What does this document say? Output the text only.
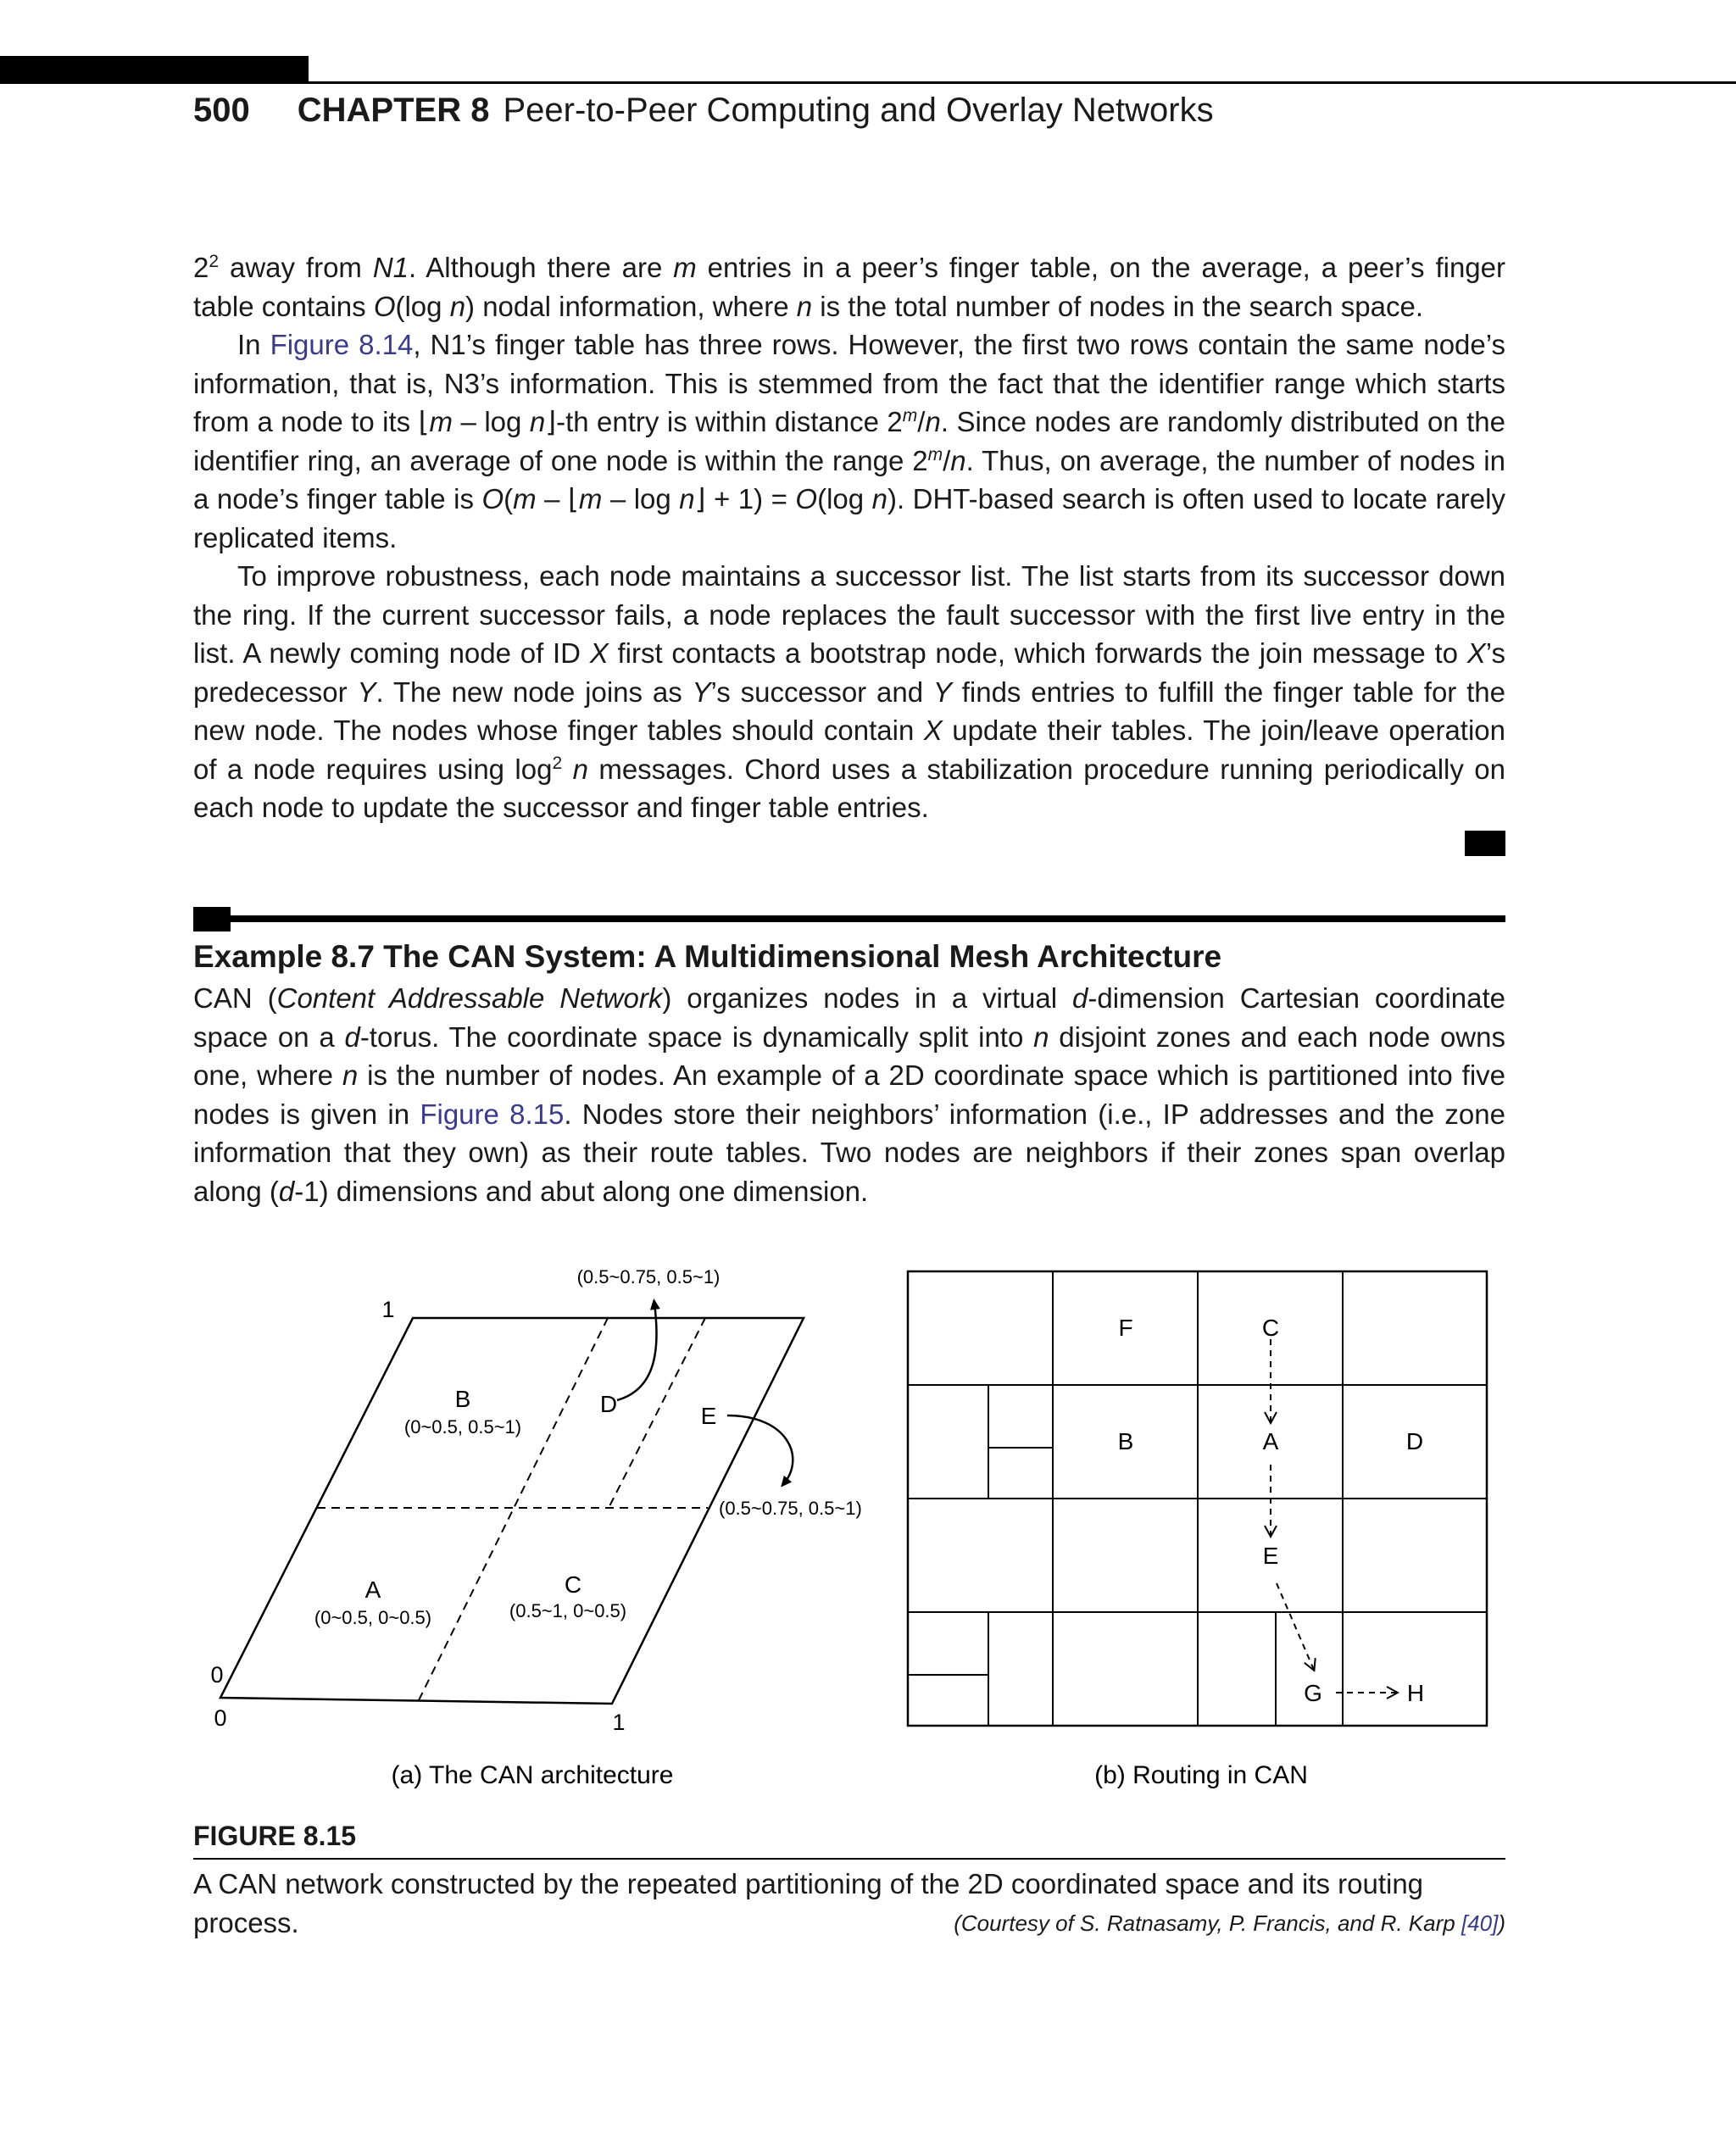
500 CHAPTER 8 Peer-to-Peer Computing and Overlay Networks

$2^2$ away from N1. Although there are m entries in a peer’s finger table, on the average, a peer’s finger table contains O(log n) nodal information, where n is the total number of nodes in the search space.

In Figure 8.14, N1’s finger table has three rows. However, the first two rows contain the same node’s information, that is, N3’s information. This is stemmed from the fact that the identifier range which starts from a node to its ⌊m – log n⌋-th entry is within distance 2$^m$/n. Since nodes are randomly distributed on the identifier ring, an average of one node is within the range 2$^m$/n. Thus, on average, the number of nodes in a node’s finger table is O(m – ⌊m – log n⌋ + 1) = O(log n). DHT-based search is often used to locate rarely replicated items.

To improve robustness, each node maintains a successor list. The list starts from its successor down the ring. If the current successor fails, a node replaces the fault successor with the first live entry in the list. A newly coming node of ID X first contacts a bootstrap node, which forwards the join message to X’s predecessor Y. The new node joins as Y’s successor and Y finds entries to fulfill the finger table for the new node. The nodes whose finger tables should contain X update their tables. The join/leave operation of a node requires using $\log^2 n$ messages. Chord uses a stabilization procedure running periodically on each node to update the successor and finger table entries.

Example 8.7 The CAN System: A Multidimensional Mesh Architecture

CAN (Content Addressable Network) organizes nodes in a virtual d-dimension Cartesian coordinate space on a d-torus. The coordinate space is dynamically split into n disjoint zones and each node owns one, where n is the number of nodes. An example of a 2D coordinate space which is partitioned into five nodes is given in Figure 8.15. Nodes store their neighbors’ information (i.e., IP addresses and the zone information that they own) as their route tables. Two nodes are neighbors if their zones span overlap along (d-1) dimensions and abut along one dimension.

(0.5~0.75, 0.5~1)
(0.5~0.75, 0.5~1)
1
0
0	1
B
(0~0.5, 0.5~1)
D	E
A
(0~0.5, 0~0.5)
C
(0.5~1, 0~0.5)
(a) The CAN architecture
F	C
B	A	D
E
G	H
(b) Routing in CAN
FIGURE 8.15
A CAN network constructed by the repeated partitioning of the 2D coordinated space and its routing process.	(Courtesy of S. Ratnasamy, P. Francis, and R. Karp [40])
